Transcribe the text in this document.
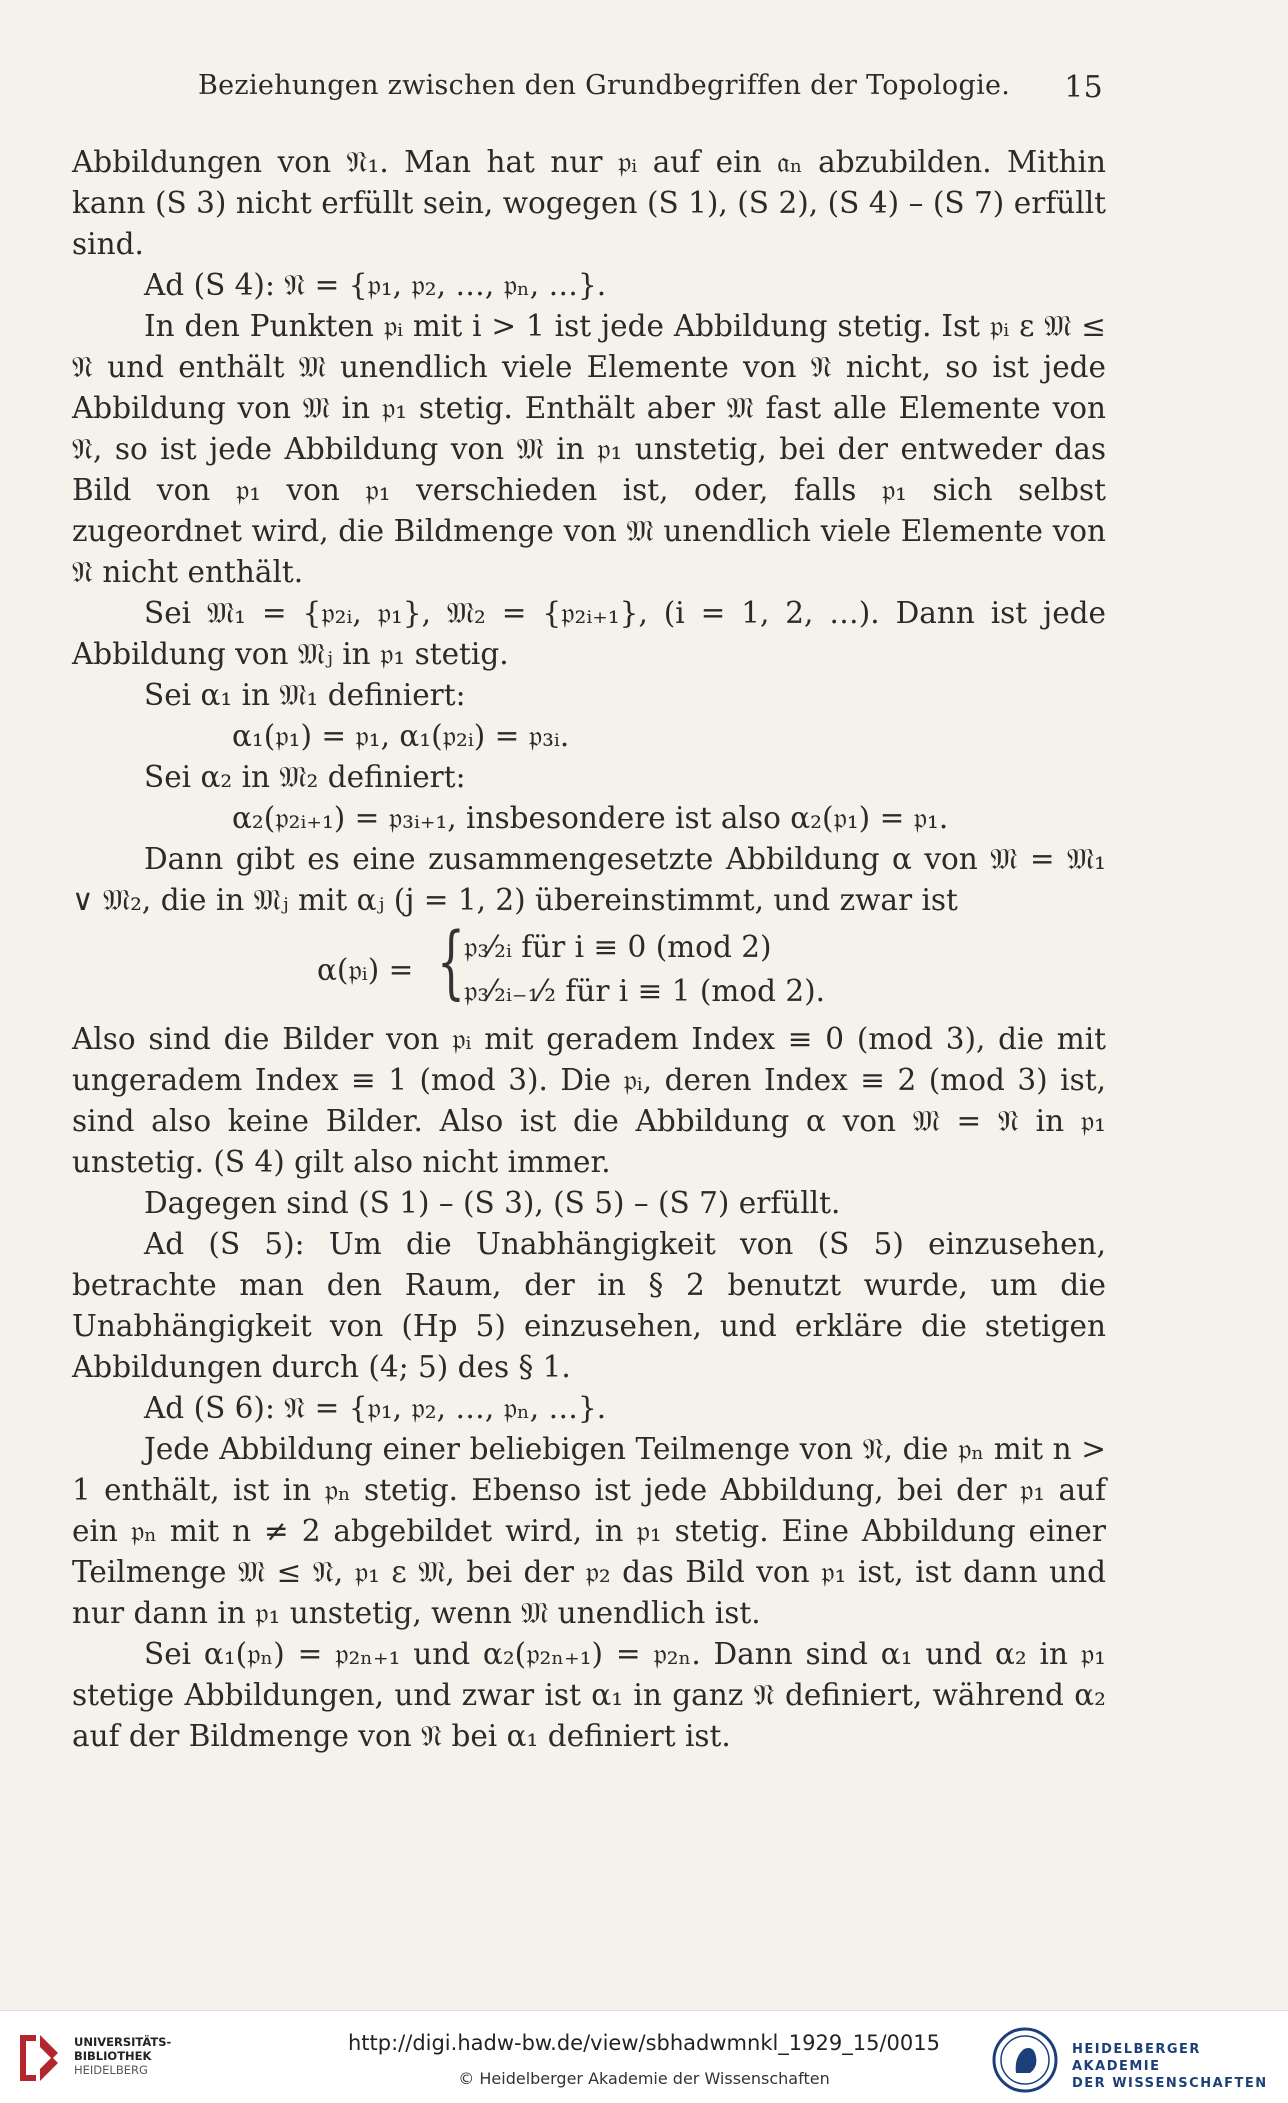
Beziehungen zwischen den Grundbegriffen der Topologie. 15

Abbildungen von 𝔑₁. Man hat nur 𝔭ᵢ auf ein 𝔞ₙ abzubilden. Mithin kann (S 3) nicht erfüllt sein, wogegen (S 1), (S 2), (S 4) – (S 7) erfüllt sind.

Ad (S 4): 𝔑 = {𝔭₁, 𝔭₂, …, 𝔭ₙ, …}.

In den Punkten 𝔭ᵢ mit i > 1 ist jede Abbildung stetig. Ist 𝔭ᵢ ε 𝔐 ≤ 𝔑 und enthält 𝔐 unendlich viele Elemente von 𝔑 nicht, so ist jede Abbildung von 𝔐 in 𝔭₁ stetig. Enthält aber 𝔐 fast alle Elemente von 𝔑, so ist jede Abbildung von 𝔐 in 𝔭₁ unstetig, bei der entweder das Bild von 𝔭₁ von 𝔭₁ verschieden ist, oder, falls 𝔭₁ sich selbst zugeordnet wird, die Bildmenge von 𝔐 unendlich viele Elemente von 𝔑 nicht enthält.

Sei 𝔐₁ = {𝔭₂ᵢ, 𝔭₁}, 𝔐₂ = {𝔭₂ᵢ₊₁}, (i = 1, 2, …). Dann ist jede Abbildung von 𝔐ⱼ in 𝔭₁ stetig.

Sei α₁ in 𝔐₁ definiert:

α₁(𝔭₁) = 𝔭₁, α₁(𝔭₂ᵢ) = 𝔭₃ᵢ.

Sei α₂ in 𝔐₂ definiert:

α₂(𝔭₂ᵢ₊₁) = 𝔭₃ᵢ₊₁, insbesondere ist also α₂(𝔭₁) = 𝔭₁.

Dann gibt es eine zusammengesetzte Abbildung α von 𝔐 = 𝔐₁ ∨ 𝔐₂, die in 𝔐ⱼ mit αⱼ (j = 1, 2) übereinstimmt, und zwar ist

α(𝔭ᵢ) = { 𝔭₃⁄₂ᵢ für i ≡ 0 (mod 2)
𝔭₃⁄₂ᵢ₋₁⁄₂ für i ≡ 1 (mod 2).

Also sind die Bilder von 𝔭ᵢ mit geradem Index ≡ 0 (mod 3), die mit ungeradem Index ≡ 1 (mod 3). Die 𝔭ᵢ, deren Index ≡ 2 (mod 3) ist, sind also keine Bilder. Also ist die Abbildung α von 𝔐 = 𝔑 in 𝔭₁ unstetig. (S 4) gilt also nicht immer.

Dagegen sind (S 1) – (S 3), (S 5) – (S 7) erfüllt.

Ad (S 5): Um die Unabhängigkeit von (S 5) einzusehen, betrachte man den Raum, der in § 2 benutzt wurde, um die Unabhängigkeit von (Hp 5) einzusehen, und erkläre die stetigen Abbildungen durch (4; 5) des § 1.

Ad (S 6): 𝔑 = {𝔭₁, 𝔭₂, …, 𝔭ₙ, …}.

Jede Abbildung einer beliebigen Teilmenge von 𝔑, die 𝔭ₙ mit n > 1 enthält, ist in 𝔭ₙ stetig. Ebenso ist jede Abbildung, bei der 𝔭₁ auf ein 𝔭ₙ mit n ≠ 2 abgebildet wird, in 𝔭₁ stetig. Eine Abbildung einer Teilmenge 𝔐 ≤ 𝔑, 𝔭₁ ε 𝔐, bei der 𝔭₂ das Bild von 𝔭₁ ist, ist dann und nur dann in 𝔭₁ unstetig, wenn 𝔐 unendlich ist.

Sei α₁(𝔭ₙ) = 𝔭₂ₙ₊₁ und α₂(𝔭₂ₙ₊₁) = 𝔭₂ₙ. Dann sind α₁ und α₂ in 𝔭₁ stetige Abbildungen, und zwar ist α₁ in ganz 𝔑 definiert, während α₂ auf der Bildmenge von 𝔑 bei α₁ definiert ist.

UNIVERSITÄTS-
BIBLIOTHEK
HEIDELBERG
http://digi.hadw-bw.de/view/sbhadwmnkl_1929_15/0015
© Heidelberger Akademie der Wissenschaften
HEIDELBERGER AKADEMIE
DER WISSENSCHAFTEN
